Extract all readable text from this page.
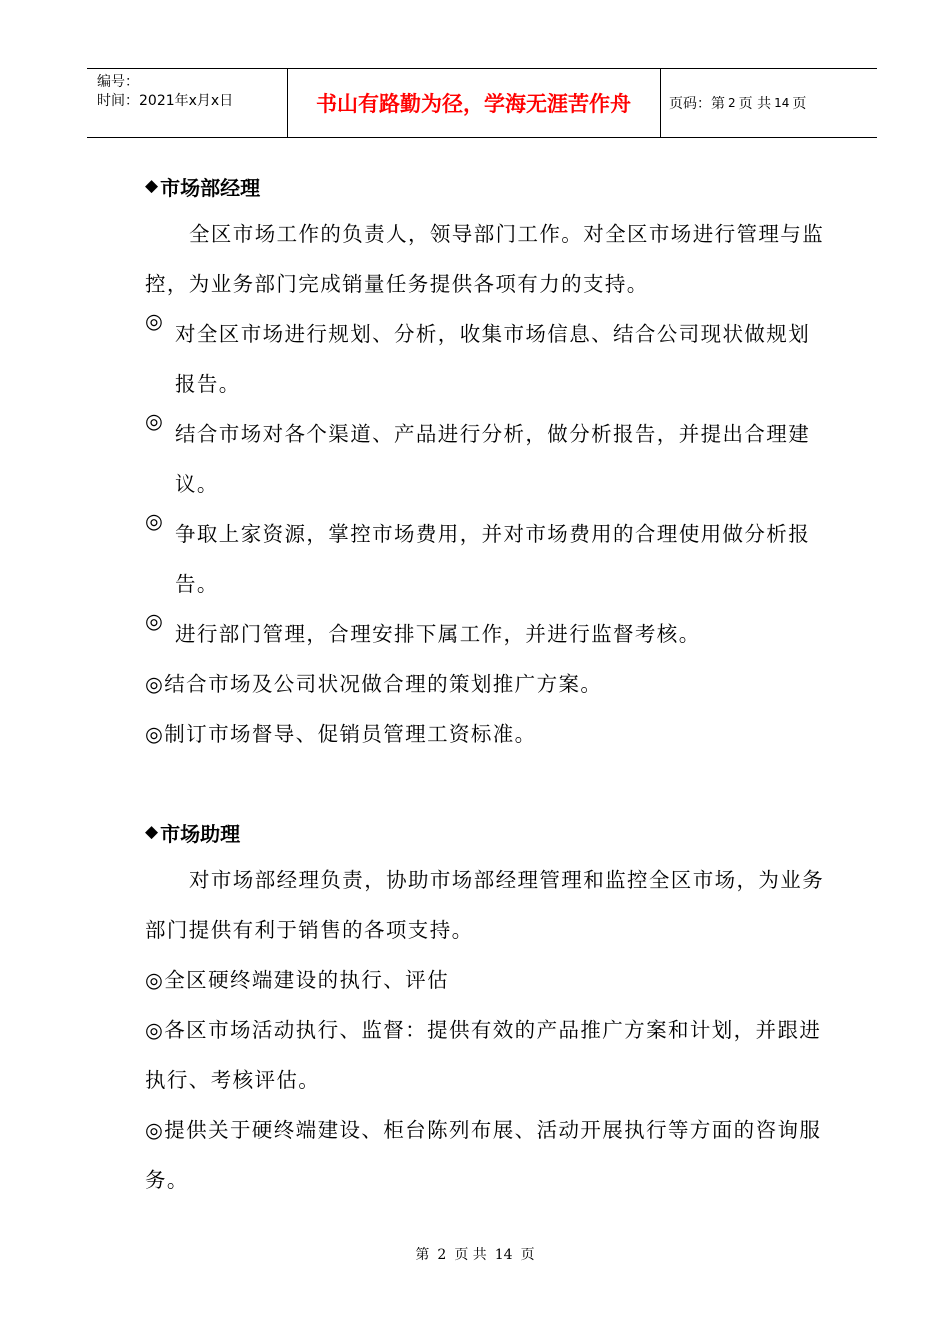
编号：
时间：2021年x月x日	书山有路勤为径，学海无涯苦作舟	页码：第 2 页 共 14 页
◆ 市场部经理

全区市场工作的负责人，领导部门工作。对全区市场进行管理与监控，为业务部门完成销量任务提供各项有力的支持。

◎

对全区市场进行规划、分析，收集市场信息、结合公司现状做规划报告。

◎

结合市场对各个渠道、产品进行分析，做分析报告，并提出合理建议。

◎

争取上家资源，掌控市场费用，并对市场费用的合理使用做分析报告。

◎

进行部门管理，合理安排下属工作，并进行监督考核。

◎结合市场及公司状况做合理的策划推广方案。

◎制订市场督导、促销员管理工资标准。

◆ 市场助理

对市场部经理负责，协助市场部经理管理和监控全区市场，为业务部门提供有利于销售的各项支持。

◎全区硬终端建设的执行、评估

◎各区市场活动执行、监督：提供有效的产品推广方案和计划，并跟进执行、考核评估。

◎提供关于硬终端建设、柜台陈列布展、活动开展执行等方面的咨询服务。

第 2 页 共 14 页
